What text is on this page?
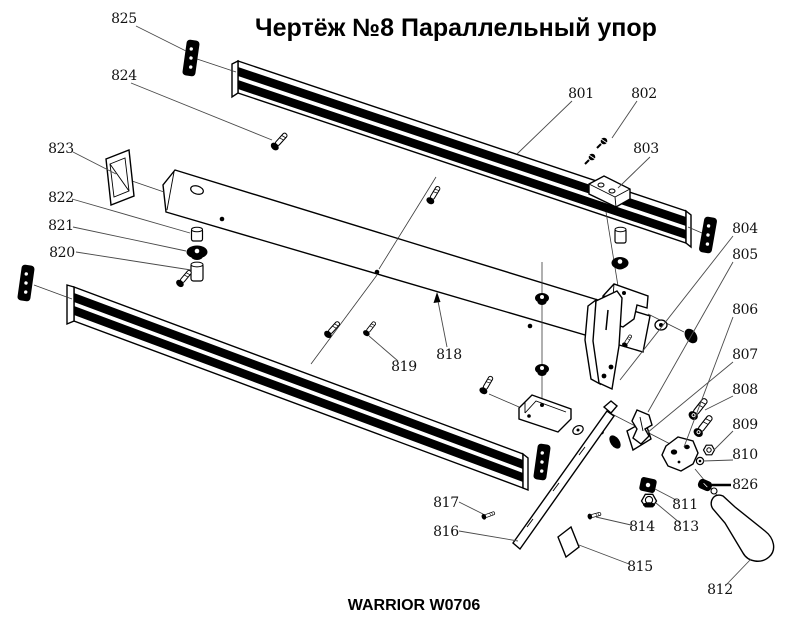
Чертёж №8 Параллельный упор
801	802
803
804
805
806
807
808
809
810
811
812
813
814
815
816
817
818
819
820
821
822
823
824
825
826
WARRIOR W0706
